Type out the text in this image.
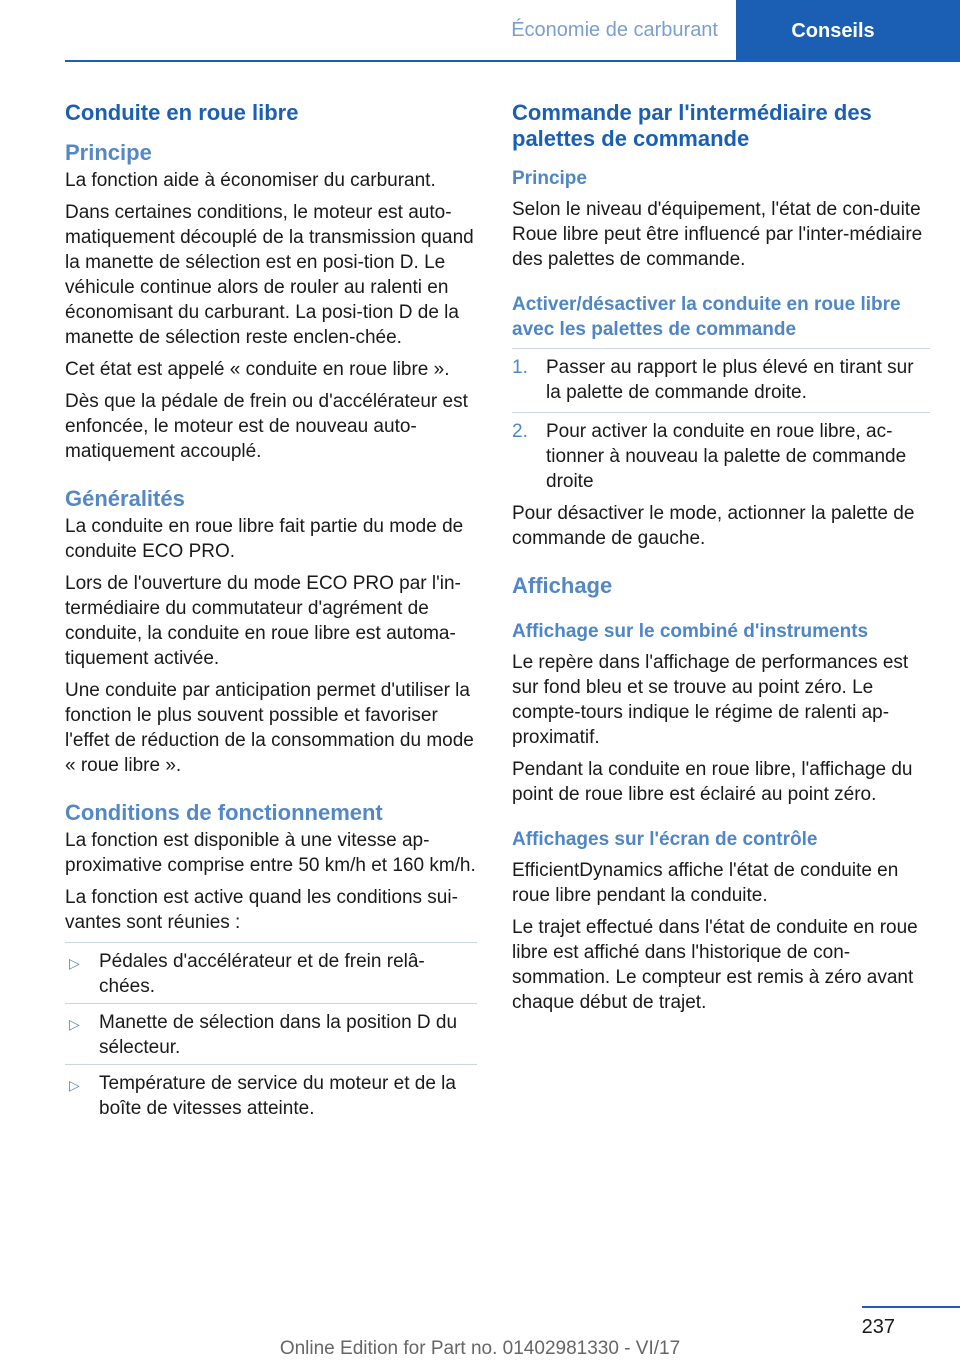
Économie de carburant	Conseils
Conduite en roue libre
Principe

La fonction aide à économiser du carburant.

Dans certaines conditions, le moteur est auto-matiquement découplé de la transmission quand la manette de sélection est en posi-tion D. Le véhicule continue alors de rouler au ralenti en économisant du carburant. La posi-tion D de la manette de sélection reste enclen-chée.

Cet état est appelé « conduite en roue libre ».

Dès que la pédale de frein ou d'accélérateur est enfoncée, le moteur est de nouveau auto-matiquement accouplé.

Généralités

La conduite en roue libre fait partie du mode de conduite ECO PRO.

Lors de l'ouverture du mode ECO PRO par l'in-termédiaire du commutateur d'agrément de conduite, la conduite en roue libre est automa-tiquement activée.

Une conduite par anticipation permet d'utiliser la fonction le plus souvent possible et favoriser l'effet de réduction de la consommation du mode « roue libre ».

Conditions de fonctionnement

La fonction est disponible à une vitesse ap-proximative comprise entre 50 km/h et 160 km/h.

La fonction est active quand les conditions sui-vantes sont réunies :

▷ Pédales d'accélérateur et de frein relâ-chées.
▷ Manette de sélection dans la position D du sélecteur.
▷ Température de service du moteur et de la boîte de vitesses atteinte.
Commande par l'intermédiaire des palettes de commande
Principe

Selon le niveau d'équipement, l'état de con-duite Roue libre peut être influencé par l'inter-médiaire des palettes de commande.

Activer/désactiver la conduite en roue libre avec les palettes de commande
1. Passer au rapport le plus élevé en tirant sur la palette de commande droite.
2. Pour activer la conduite en roue libre, ac-tionner à nouveau la palette de commande droite

Pour désactiver le mode, actionner la palette de commande de gauche.

Affichage
Affichage sur le combiné d'instruments

Le repère dans l'affichage de performances est sur fond bleu et se trouve au point zéro. Le compte-tours indique le régime de ralenti ap-proximatif.

Pendant la conduite en roue libre, l'affichage du point de roue libre est éclairé au point zéro.

Affichages sur l'écran de contrôle

EfficientDynamics affiche l'état de conduite en roue libre pendant la conduite.

Le trajet effectué dans l'état de conduite en roue libre est affiché dans l'historique de con-sommation. Le compteur est remis à zéro avant chaque début de trajet.

237
Online Edition for Part no. 01402981330 - VI/17
